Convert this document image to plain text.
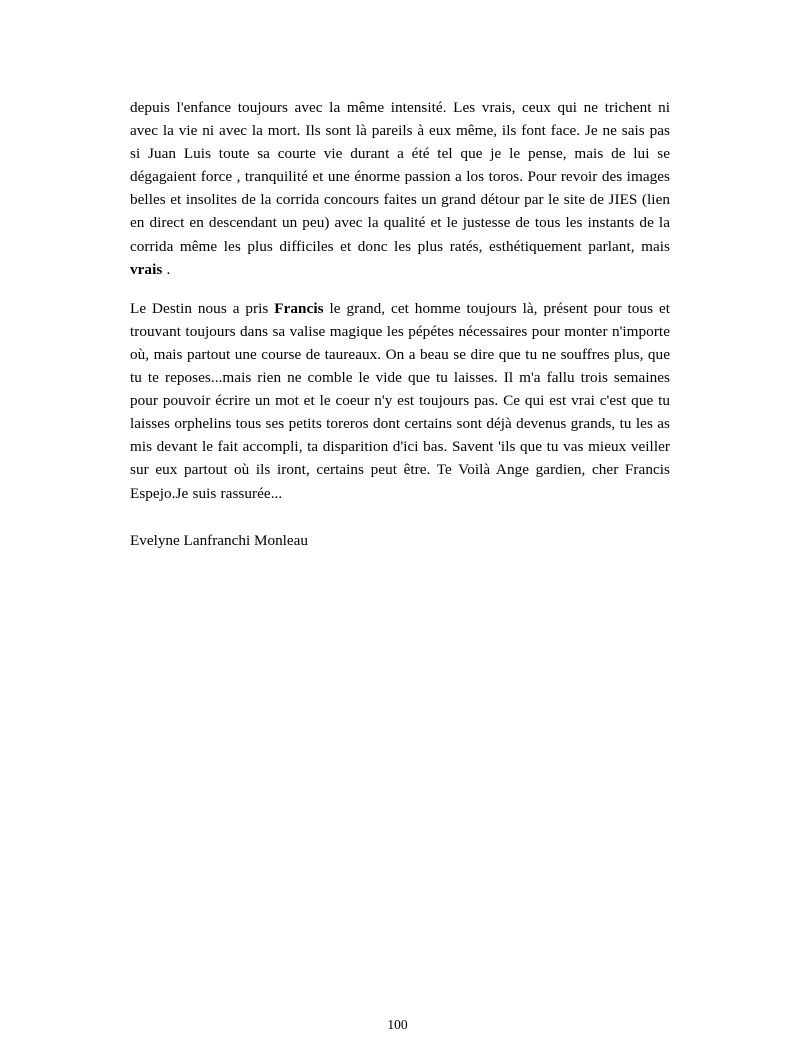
depuis l'enfance toujours avec la même intensité. Les vrais, ceux qui ne trichent ni avec la vie ni avec la mort. Ils sont là pareils à eux même, ils font face. Je ne sais pas si Juan Luis toute sa courte vie durant a été tel que je le pense, mais de lui se dégagaient force , tranquilité et une énorme passion a los toros. Pour revoir des images belles et insolites de la corrida concours faites un grand détour par le site de JIES (lien en direct en descendant un peu) avec la qualité et le justesse de tous les instants de la corrida même les plus difficiles et donc les plus ratés, esthétiquement parlant, mais vrais .

Le Destin nous a pris Francis le grand, cet homme toujours là, présent pour tous et trouvant toujours dans sa valise magique les pépétes nécessaires pour monter n'importe où, mais partout une course de taureaux. On a beau se dire que tu ne souffres plus, que tu te reposes...mais rien ne comble le vide que tu laisses. Il m'a fallu trois semaines pour pouvoir écrire un mot et le coeur n'y est toujours pas. Ce qui est vrai c'est que tu laisses orphelins tous ses petits toreros dont certains sont déjà devenus grands, tu les as mis devant le fait accompli, ta disparition d'ici bas. Savent 'ils que tu vas mieux veiller sur eux partout où ils iront, certains peut être. Te Voilà Ange gardien, cher Francis Espejo.Je suis rassurée...

Evelyne Lanfranchi Monleau

100
